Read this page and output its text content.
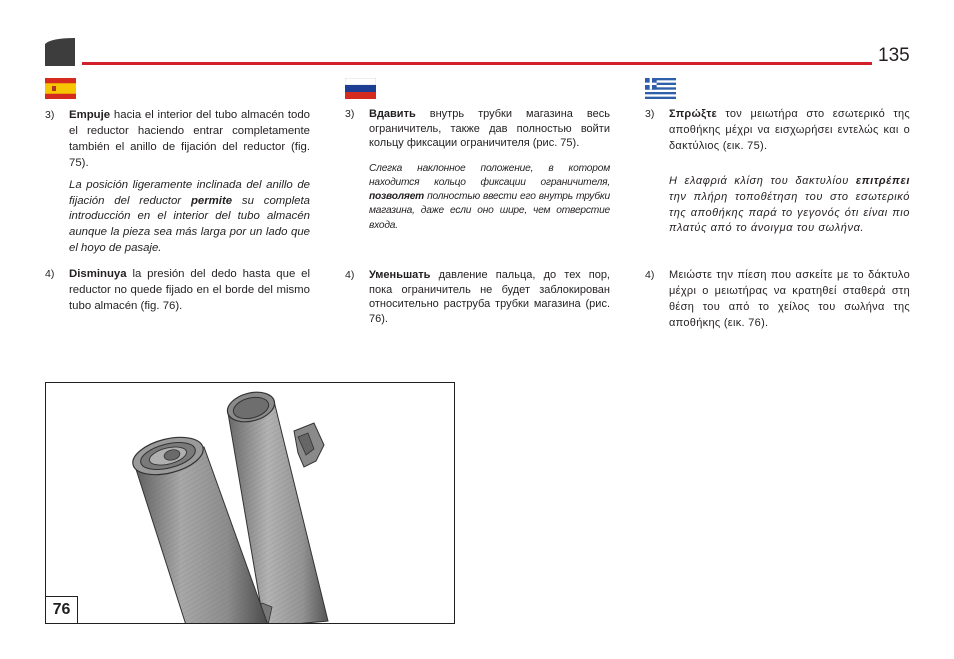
135
3)	Empuje hacia el interior del tubo almacén todo el reductor haciendo entrar completamente también el anillo de fijación del reductor (fig. 75).

La posición ligeramente inclinada del anillo de fijación del reductor permite su completa introducción en el interior del tubo almacén aunque la pieza sea más larga por un lado que el hoyo de pasaje.

4)	Disminuya la presión del dedo hasta que el reductor no quede fijado en el borde del mismo tubo almacén (fig. 76).

3)	Вдавить внутрь трубки магазина весь ограничитель, также дав полностью войти кольцу фиксации ограничителя (рис. 75).

Слегка наклонное положение, в котором находится кольцо фиксации ограничителя, позволяет полностью ввести его внутрь трубки магазина, даже если оно шире, чем отверстие входа.

4)	Уменьшать давление пальца, до тех пор, пока ограничитель не будет заблокирован относительно раструба трубки магазина (рис. 76).

3)	Σπρώξτε τον μειωτήρα στο εσωτερικό της αποθήκης μέχρι να εισχωρήσει εντελώς και ο δακτύλιος (εικ. 75).

Η ελαφριά κλίση του δακτυλίου επιτρέπει την πλήρη τοποθέτηση του στο εσωτερικό της αποθήκης παρά το γεγονός ότι είναι πιο πλατύς από το άνοιγμα του σωλήνα.

4)	Μειώστε την πίεση που ασκείτε με το δάκτυλο μέχρι ο μειωτήρας να κρατηθεί σταθερά στη θέση του από το χείλος του σωλήνα της αποθήκης (εικ. 76).

76
